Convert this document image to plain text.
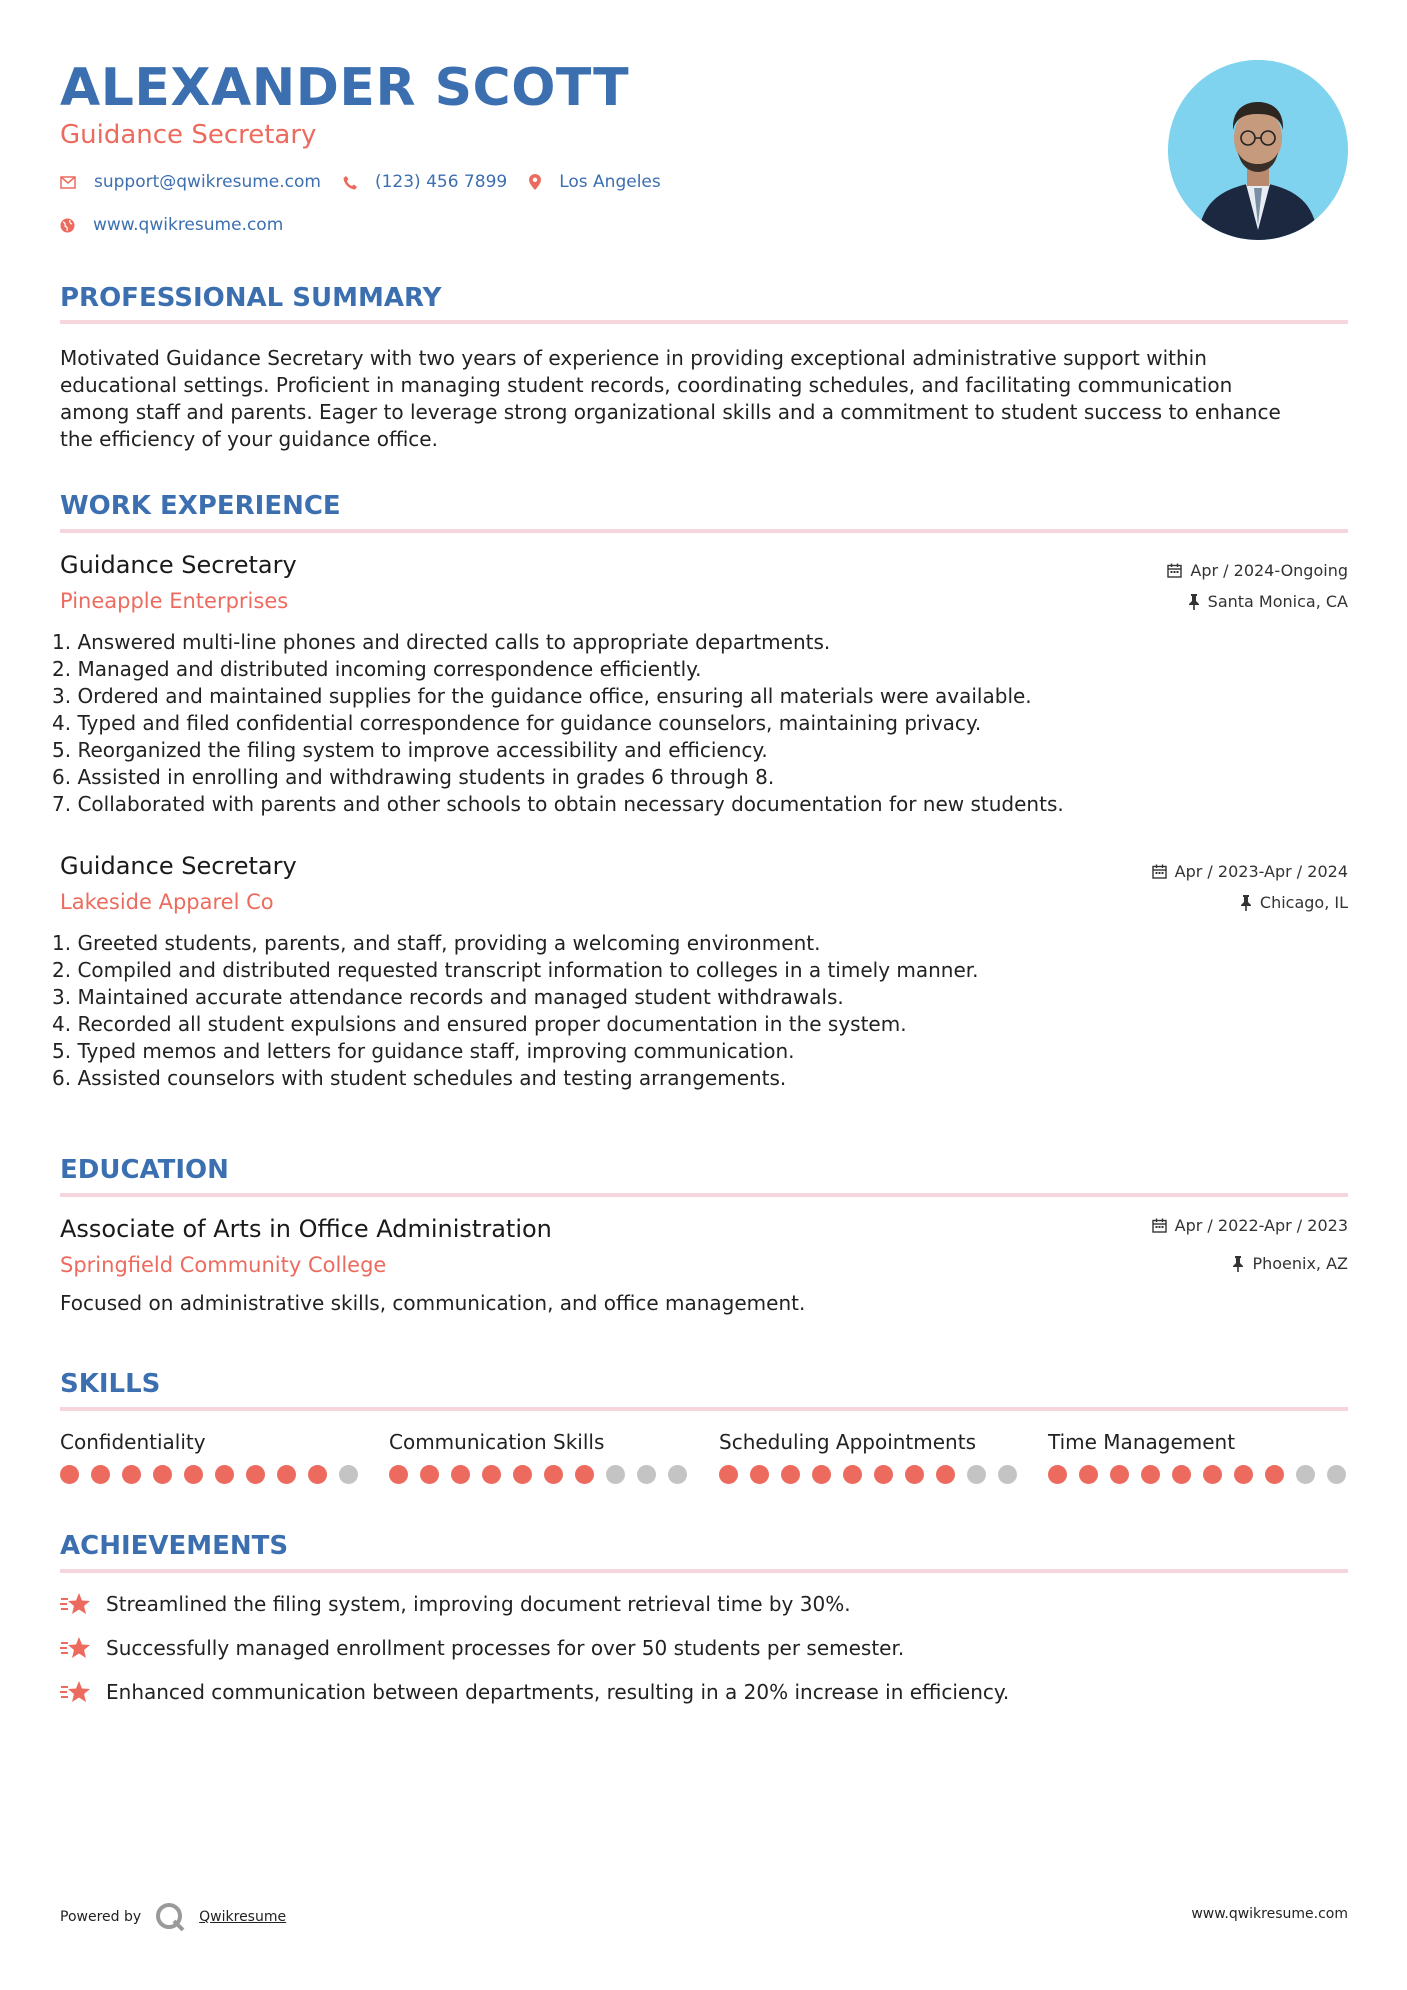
ALEXANDER SCOTT
Guidance Secretary
support@qwikresume.com	(123) 456 7899	Los Angeles
www.qwikresume.com
PROFESSIONAL SUMMARY
Motivated Guidance Secretary with two years of experience in providing exceptional administrative support within
educational settings. Proficient in managing student records, coordinating schedules, and facilitating communication
among staff and parents. Eager to leverage strong organizational skills and a commitment to student success to enhance
the efficiency of your guidance office.
WORK EXPERIENCE
Guidance Secretary
Pineapple Enterprises
Apr / 2024-Ongoing
Santa Monica, CA
1. Answered multi-line phones and directed calls to appropriate departments.
2. Managed and distributed incoming correspondence efficiently.
3. Ordered and maintained supplies for the guidance office, ensuring all materials were available.
4. Typed and filed confidential correspondence for guidance counselors, maintaining privacy.
5. Reorganized the filing system to improve accessibility and efficiency.
6. Assisted in enrolling and withdrawing students in grades 6 through 8.
7. Collaborated with parents and other schools to obtain necessary documentation for new students.
Guidance Secretary
Lakeside Apparel Co
Apr / 2023-Apr / 2024
Chicago, IL
1. Greeted students, parents, and staff, providing a welcoming environment.
2. Compiled and distributed requested transcript information to colleges in a timely manner.
3. Maintained accurate attendance records and managed student withdrawals.
4. Recorded all student expulsions and ensured proper documentation in the system.
5. Typed memos and letters for guidance staff, improving communication.
6. Assisted counselors with student schedules and testing arrangements.
EDUCATION
Associate of Arts in Office Administration
Springfield Community College
Apr / 2022-Apr / 2023
Phoenix, AZ
Focused on administrative skills, communication, and office management.
SKILLS
Confidentiality	Communication Skills	Scheduling Appointments	Time Management
ACHIEVEMENTS
Streamlined the filing system, improving document retrieval time by 30%.
Successfully managed enrollment processes for over 50 students per semester.
Enhanced communication between departments, resulting in a 20% increase in efficiency.
Powered by	Qwikresume	www.qwikresume.com
